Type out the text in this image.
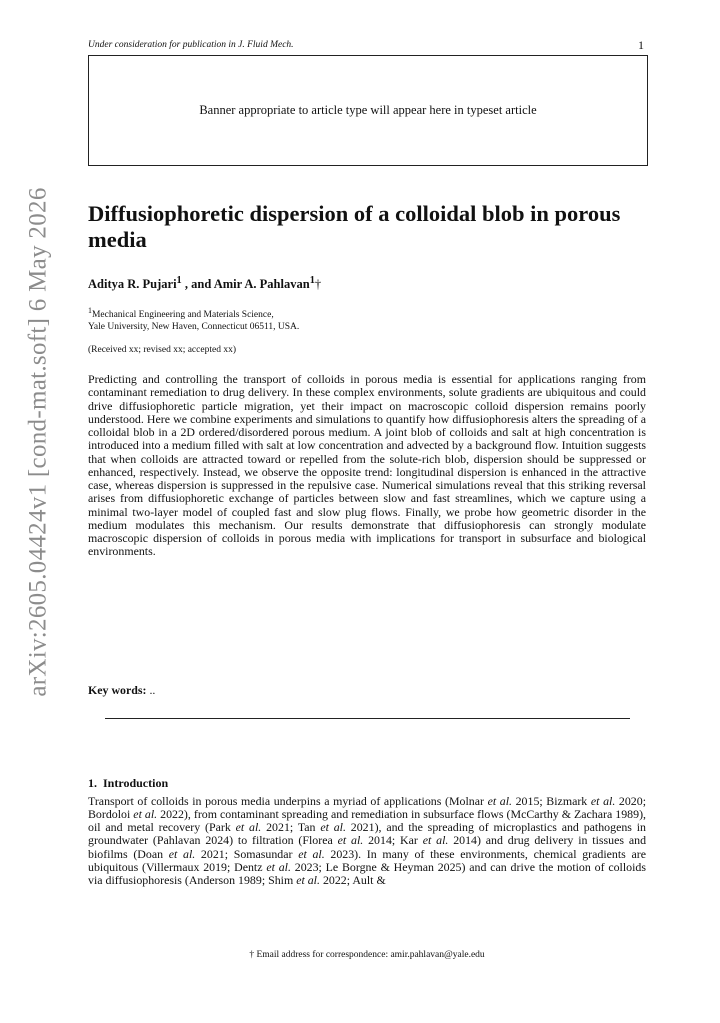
arXiv:2605.04424v1 [cond-mat.soft] 6 May 2026
Under consideration for publication in J. Fluid Mech.	1
Banner appropriate to article type will appear here in typeset article
Diffusiophoretic dispersion of a colloidal blob in porous media
Aditya R. Pujari$^1$ , and Amir A. Pahlavan$^1$†
$^1$Mechanical Engineering and Materials Science,
Yale University, New Haven, Connecticut 06511, USA.
(Received xx; revised xx; accepted xx)

Predicting and controlling the transport of colloids in porous media is essential for applications ranging from contaminant remediation to drug delivery. In these complex environments, solute gradients are ubiquitous and could drive diffusiophoretic particle migration, yet their impact on macroscopic colloid dispersion remains poorly understood. Here we combine experiments and simulations to quantify how diffusiophoresis alters the spreading of a colloidal blob in a 2D ordered/disordered porous medium. A joint blob of colloids and salt at high concentration is introduced into a medium filled with salt at low concentration and advected by a background flow. Intuition suggests that when colloids are attracted toward or repelled from the solute-rich blob, dispersion should be suppressed or enhanced, respectively. Instead, we observe the opposite trend: longitudinal dispersion is enhanced in the attractive case, whereas dispersion is suppressed in the repulsive case. Numerical simulations reveal that this striking reversal arises from diffusiophoretic exchange of particles between slow and fast streamlines, which we capture using a minimal two-layer model of coupled fast and slow plug flows. Finally, we probe how geometric disorder in the medium modulates this mechanism. Our results demonstrate that diffusiophoresis can strongly modulate macroscopic dispersion of colloids in porous media with implications for transport in subsurface and biological environments.

Key words: ..
1. Introduction

Transport of colloids in porous media underpins a myriad of applications (Molnar et al. 2015; Bizmark et al. 2020; Bordoloi et al. 2022), from contaminant spreading and remediation in subsurface flows (McCarthy & Zachara 1989), oil and metal recovery (Park et al. 2021; Tan et al. 2021), and the spreading of microplastics and pathogens in groundwater (Pahlavan 2024) to filtration (Florea et al. 2014; Kar et al. 2014) and drug delivery in tissues and biofilms (Doan et al. 2021; Somasundar et al. 2023). In many of these environments, chemical gradients are ubiquitous (Villermaux 2019; Dentz et al. 2023; Le Borgne & Heyman 2025) and can drive the motion of colloids via diffusiophoresis (Anderson 1989; Shim et al. 2022; Ault &

† Email address for correspondence: amir.pahlavan@yale.edu
